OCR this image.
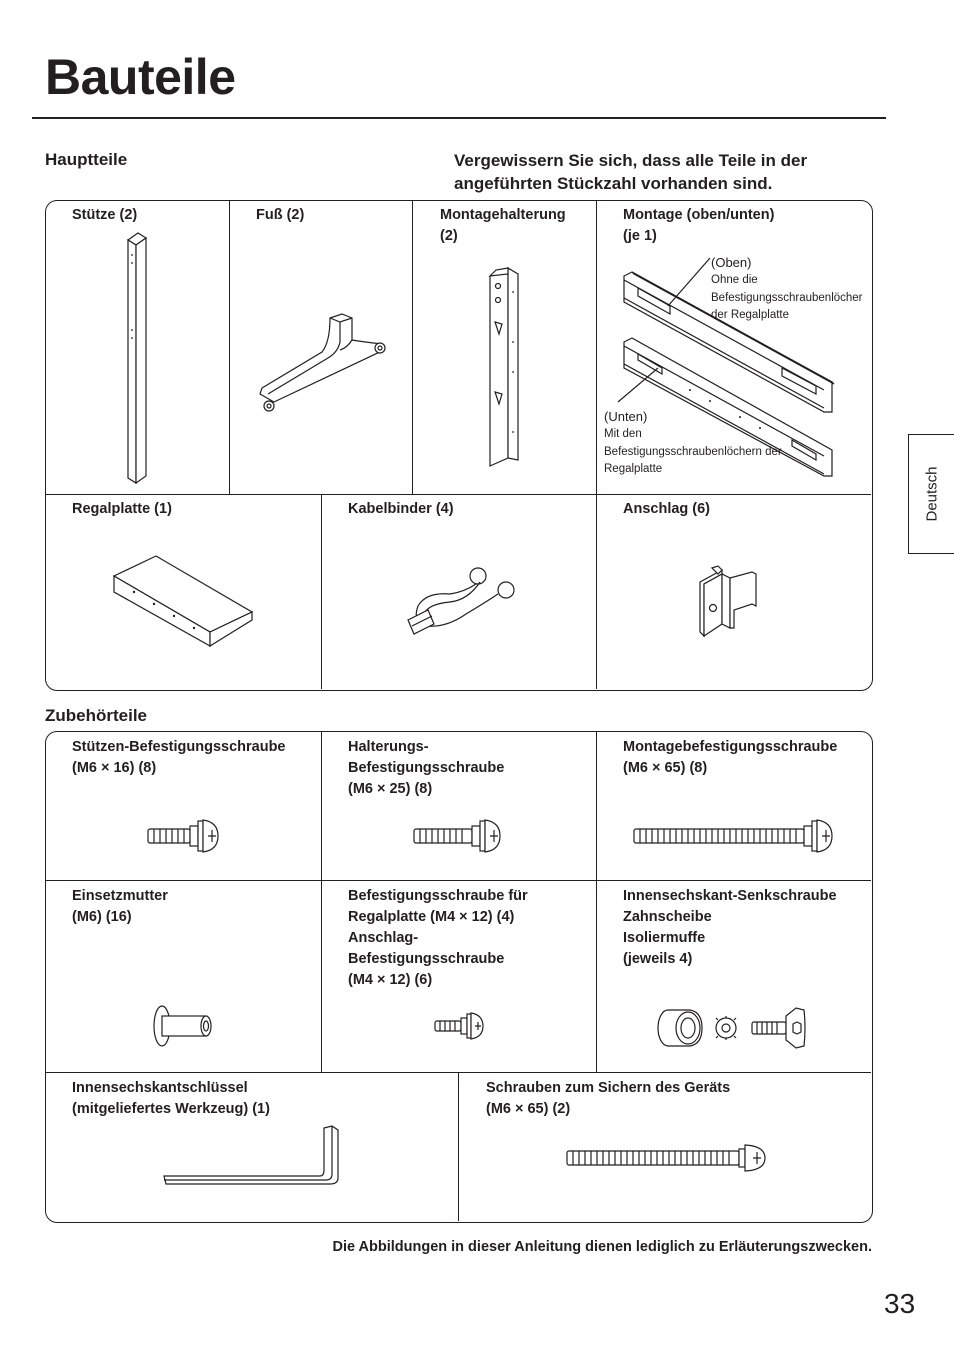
Bauteile
Hauptteile	Vergewissern Sie sich, dass alle Teile in der angeführten Stückzahl vorhanden sind.
Stütze (2)	Fuß (2)	Montagehalterung
(2)
Montage (oben/unten)
(je 1)
Regalplatte (1)	Kabelbinder (4)	Anschlag (6)
(Oben)
Ohne die
Befestigungsschraubenlöcher
der Regalplatte
(Unten)
Mit den
Befestigungsschraubenlöchern der
Regalplatte
Zubehörteile
Stützen-Befestigungsschraube
(M6 × 16) (8)
Halterungs-
Befestigungsschraube
(M6 × 25) (8)
Montagebefestigungsschraube
(M6 × 65) (8)
Einsetzmutter
(M6) (16)
Befestigungsschraube für
Regalplatte (M4 × 12) (4)
Anschlag-
Befestigungsschraube
(M4 × 12) (6)
Innensechskant-Senkschraube
Zahnscheibe
Isoliermuffe
(jeweils 4)
Innensechskantschlüssel
(mitgeliefertes Werkzeug) (1)
Schrauben zum Sichern des Geräts
(M6 × 65) (2)
Die Abbildungen in dieser Anleitung dienen lediglich zu Erläuterungszwecken.
33
Deutsch
